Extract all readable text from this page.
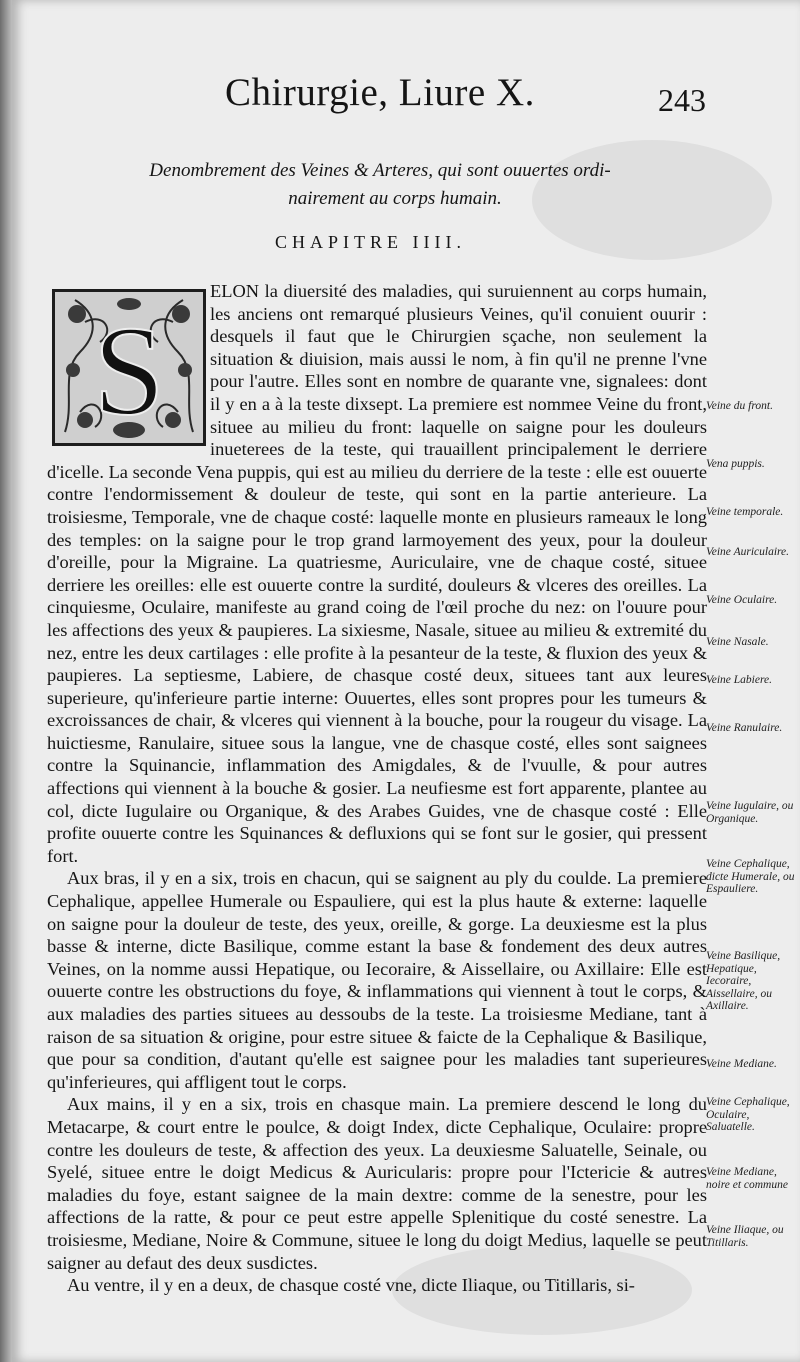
Chirurgie, Liure X.	243
Denombrement des Veines & Arteres, qui sont ouuertes ordi-
nairement au corps humain.
CHAPITRE IIII.
S

ELON la diuersité des maladies, qui suruiennent au corps humain, les anciens ont remarqué plusieurs Veines, qu'il conuient ouurir : desquels il faut que le Chirurgien sçache, non seulement la situation & diuision, mais aussi le nom, à fin qu'il ne prenne l'vne pour l'autre. Elles sont en nombre de quarante vne, signalees: dont il y en a à la teste dixsept. La premiere est nommee Veine du front, situee au milieu du front: laquelle on saigne pour les douleurs inueterees de la teste, qui trauaillent principalement le derriere d'icelle. La seconde Vena puppis, qui est au milieu du derriere de la teste : elle est ouuerte contre l'endormissement & douleur de teste, qui sont en la partie anterieure. La troisiesme, Temporale, vne de chaque costé: laquelle monte en plusieurs rameaux le long des temples: on la saigne pour le trop grand larmoyement des yeux, pour la douleur d'oreille, pour la Migraine. La quatriesme, Auriculaire, vne de chaque costé, situee derriere les oreilles: elle est ouuerte contre la surdité, douleurs & vlceres des oreilles. La cinquiesme, Oculaire, manifeste au grand coing de l'œil proche du nez: on l'ouure pour les affections des yeux & paupieres. La sixiesme, Nasale, situee au milieu & extremité du nez, entre les deux cartilages : elle profite à la pesanteur de la teste, & fluxion des yeux & paupieres. La septiesme, Labiere, de chasque costé deux, situees tant aux leures superieure, qu'inferieure partie interne: Ouuertes, elles sont propres pour les tumeurs & excroissances de chair, & vlceres qui viennent à la bouche, pour la rougeur du visage. La huictiesme, Ranulaire, situee sous la langue, vne de chasque costé, elles sont saignees contre la Squinancie, inflammation des Amigdales, & de l'vuulle, & pour autres affections qui viennent à la bouche & gosier. La neufiesme est fort apparente, plantee au col, dicte Iugulaire ou Organique, & des Arabes Guides, vne de chasque costé : Elle profite ouuerte contre les Squinances & defluxions qui se font sur le gosier, qui pressent fort.

Aux bras, il y en a six, trois en chacun, qui se saignent au ply du coulde. La premiere Cephalique, appellee Humerale ou Espauliere, qui est la plus haute & externe: laquelle on saigne pour la douleur de teste, des yeux, oreille, & gorge. La deuxiesme est la plus basse & interne, dicte Basilique, comme estant la base & fondement des deux autres Veines, on la nomme aussi Hepatique, ou Iecoraire, & Aissellaire, ou Axillaire: Elle est ouuerte contre les obstructions du foye, & inflammations qui viennent à tout le corps, & aux maladies des parties situees au dessoubs de la teste. La troisiesme Mediane, tant à raison de sa situation & origine, pour estre situee & faicte de la Cephalique & Basilique, que pour sa condition, d'autant qu'elle est saignee pour les maladies tant superieures qu'inferieures, qui affligent tout le corps.

Aux mains, il y en a six, trois en chasque main. La premiere descend le long du Metacarpe, & court entre le poulce, & doigt Index, dicte Cephalique, Oculaire: propre contre les douleurs de teste, & affection des yeux. La deuxiesme Saluatelle, Seinale, ou Syelé, situee entre le doigt Medicus & Auricularis: propre pour l'Ictericie & autres maladies du foye, estant saignee de la main dextre: comme de la senestre, pour les affections de la ratte, & pour ce peut estre appelle Splenitique du costé senestre. La troisiesme, Mediane, Noire & Commune, situee le long du doigt Medius, laquelle se peut saigner au defaut des deux susdictes.

Au ventre, il y en a deux, de chasque costé vne, dicte Iliaque, ou Titillaris, si-

Veine du front.
Vena puppis.
Veine temporale.
Veine Auriculaire.
Veine Oculaire.
Veine Nasale.
Veine Labiere.
Veine Ranulaire.
Veine Iugulaire, ou Organique.
Veine Cephalique, dicte Humerale, ou Espauliere.
Veine Basilique, Hepatique, Iecoraire, Aissellaire, ou Axillaire.
Veine Mediane.
Veine Cephalique, Oculaire, Saluatelle.
Veine Mediane, noire et commune
Veine Iliaque, ou Titillaris.
